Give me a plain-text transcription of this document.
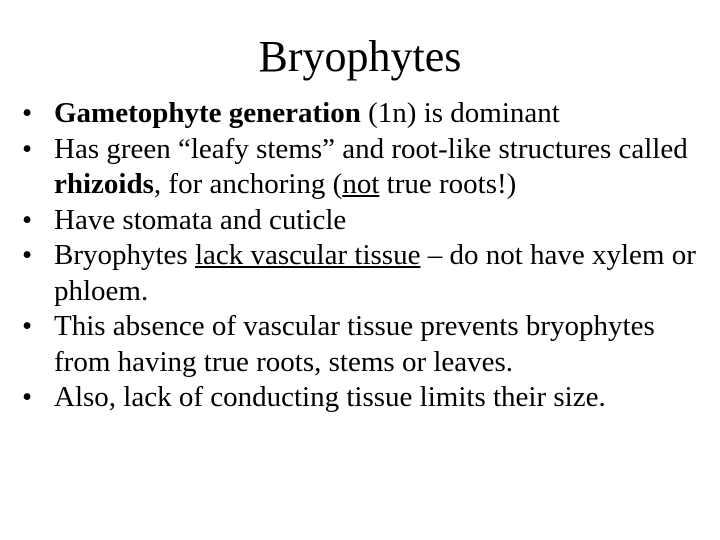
Bryophytes
• Gametophyte generation (1n) is dominant
• Has green “leafy stems” and root-like structures called rhizoids, for anchoring (not true roots!)
• Have stomata and cuticle
• Bryophytes lack vascular tissue – do not have xylem or phloem.
• This absence of vascular tissue prevents bryophytes from having true roots, stems or leaves.
• Also, lack of conducting tissue limits their size.
